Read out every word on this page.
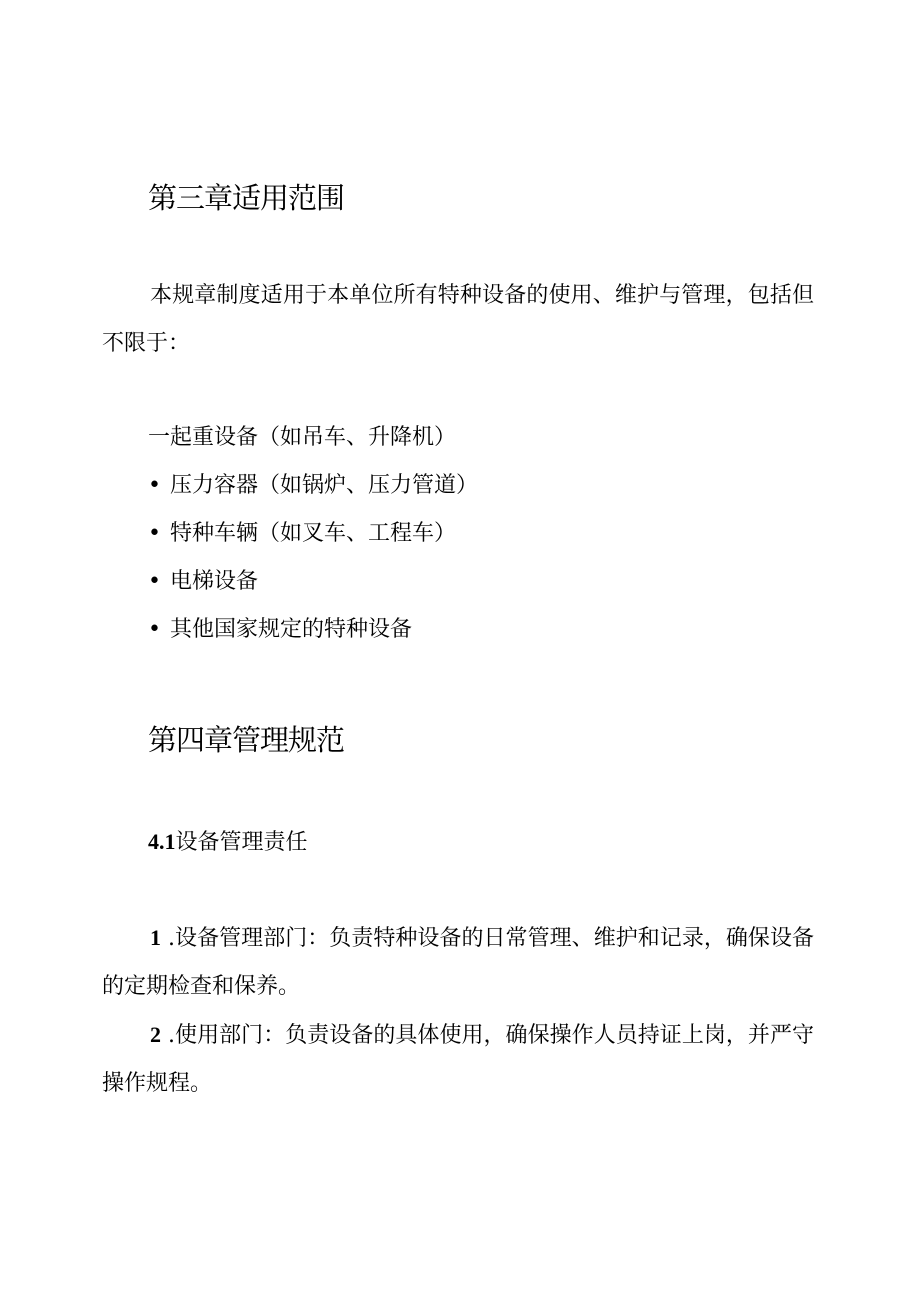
第三章适用范围

本规章制度适用于本单位所有特种设备的使用、维护与管理，包括但不限于：

一起重设备（如吊车、升降机）
• 压力容器（如锅炉、压力管道）
• 特种车辆（如叉车、工程车）
• 电梯设备
• 其他国家规定的特种设备
第四章管理规范
4.1设备管理责任

1 .设备管理部门：负责特种设备的日常管理、维护和记录，确保设备的定期检查和保养。

2 .使用部门：负责设备的具体使用，确保操作人员持证上岗，并严守操作规程。
